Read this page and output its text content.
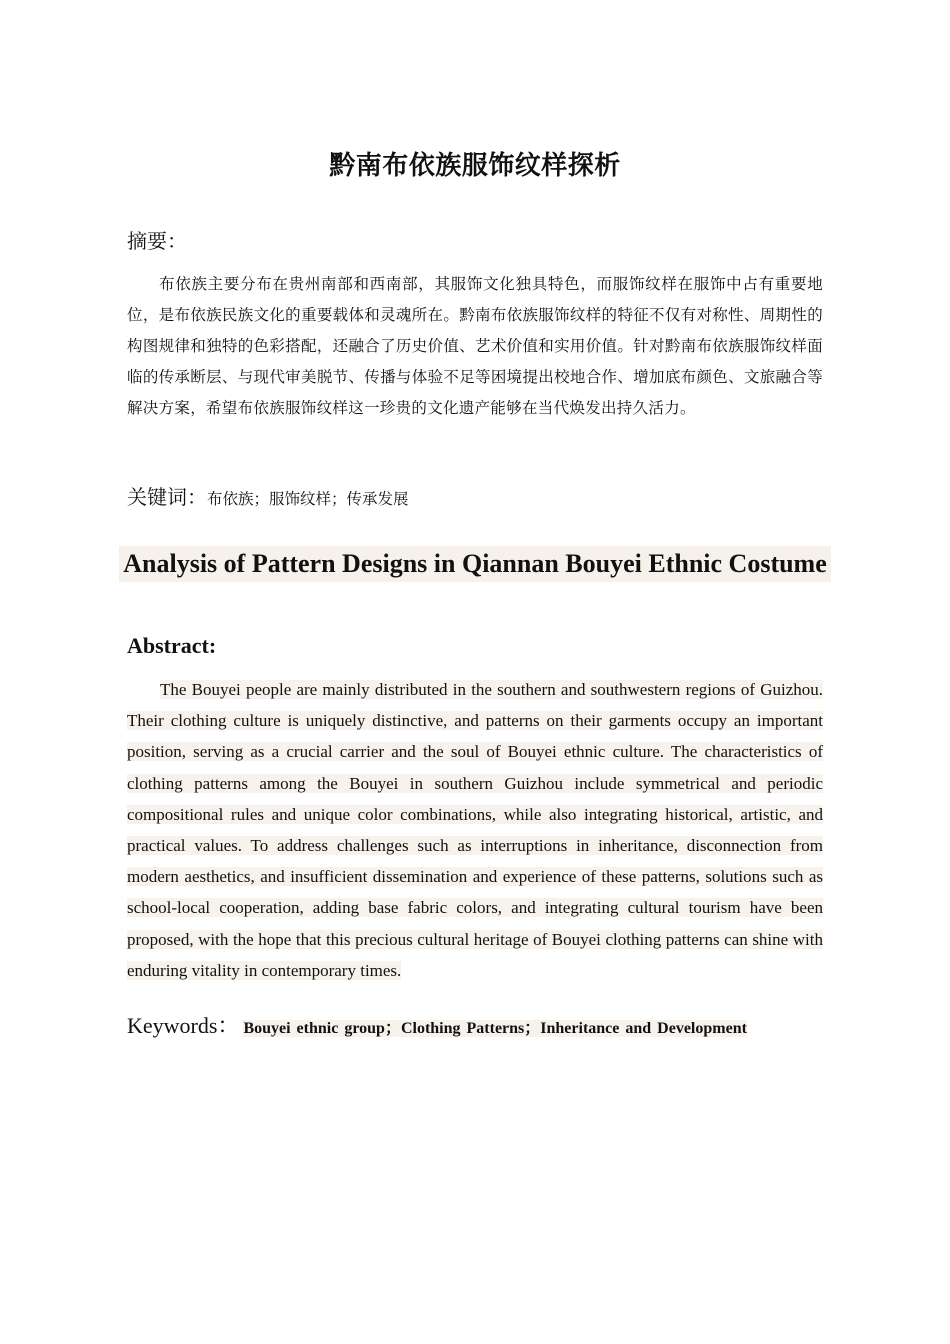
黔南布依族服饰纹样探析
摘要：
布依族主要分布在贵州南部和西南部，其服饰文化独具特色，而服饰纹样在服饰中占有重要地位，是布依族民族文化的重要载体和灵魂所在。黔南布依族服饰纹样的特征不仅有对称性、周期性的构图规律和独特的色彩搭配，还融合了历史价值、艺术价值和实用价值。针对黔南布依族服饰纹样面临的传承断层、与现代审美脱节、传播与体验不足等困境提出校地合作、增加底布颜色、文旅融合等解决方案，希望布依族服饰纹样这一珍贵的文化遗产能够在当代焕发出持久活力。
关键词：布依族；服饰纹样；传承发展
Analysis of Pattern Designs in Qiannan Bouyei Ethnic Costume
Abstract:
The Bouyei people are mainly distributed in the southern and southwestern regions of Guizhou. Their clothing culture is uniquely distinctive, and patterns on their garments occupy an important position, serving as a crucial carrier and the soul of Bouyei ethnic culture. The characteristics of clothing patterns among the Bouyei in southern Guizhou include symmetrical and periodic compositional rules and unique color combinations, while also integrating historical, artistic, and practical values. To address challenges such as interruptions in inheritance, disconnection from modern aesthetics, and insufficient dissemination and experience of these patterns, solutions such as school-local cooperation, adding base fabric colors, and integrating cultural tourism have been proposed, with the hope that this precious cultural heritage of Bouyei clothing patterns can shine with enduring vitality in contemporary times.
Keywords： Bouyei ethnic group；Clothing Patterns；Inheritance and Development
